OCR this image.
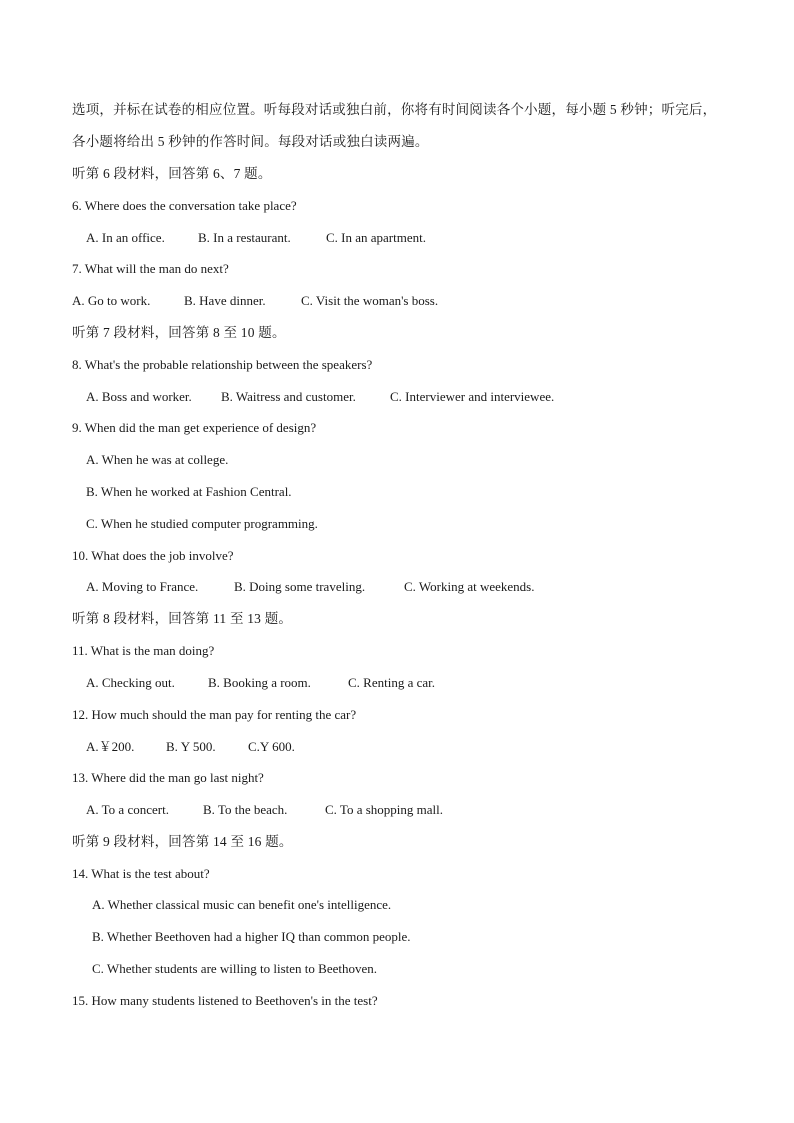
选项，并标在试卷的相应位置。听每段对话或独白前，你将有时间阅读各个小题，每小题 5 秒钟；听完后，
各小题将给出 5 秒钟的作答时间。每段对话或独白读两遍。
听第 6 段材料，回答第 6、7 题。
6. Where does the conversation take place?
A. In an office.	B. In a restaurant.	C. In an apartment.
7. What will the man do next?
A. Go to work.	B. Have dinner.	C. Visit the woman's boss.
听第 7 段材料，回答第 8 至 10 题。
8. What's the probable relationship between the speakers?
A. Boss and worker. B. Waitress and customer.	C. Interviewer and interviewee.
9. When did the man get experience of design?
A. When he was at college.
B. When he worked at Fashion Central.
C. When he studied computer programming.
10. What does the job involve?
A. Moving to France.	B. Doing some traveling.	C. Working at weekends.
听第 8 段材料，回答第 11 至 13 题。
11. What is the man doing?
A. Checking out.	B. Booking a room.	C. Renting a car.
12. How much should the man pay for renting the car?
A.￥200. B. Y 500. C.Y 600.
13. Where did the man go last night?
A. To a concert.	B. To the beach.	C. To a shopping mall.
听第 9 段材料，回答第 14 至 16 题。
14. What is the test about?
A. Whether classical music can benefit one's intelligence.
B. Whether Beethoven had a higher IQ than common people.
C. Whether students are willing to listen to Beethoven.
15. How many students listened to Beethoven's in the test?
